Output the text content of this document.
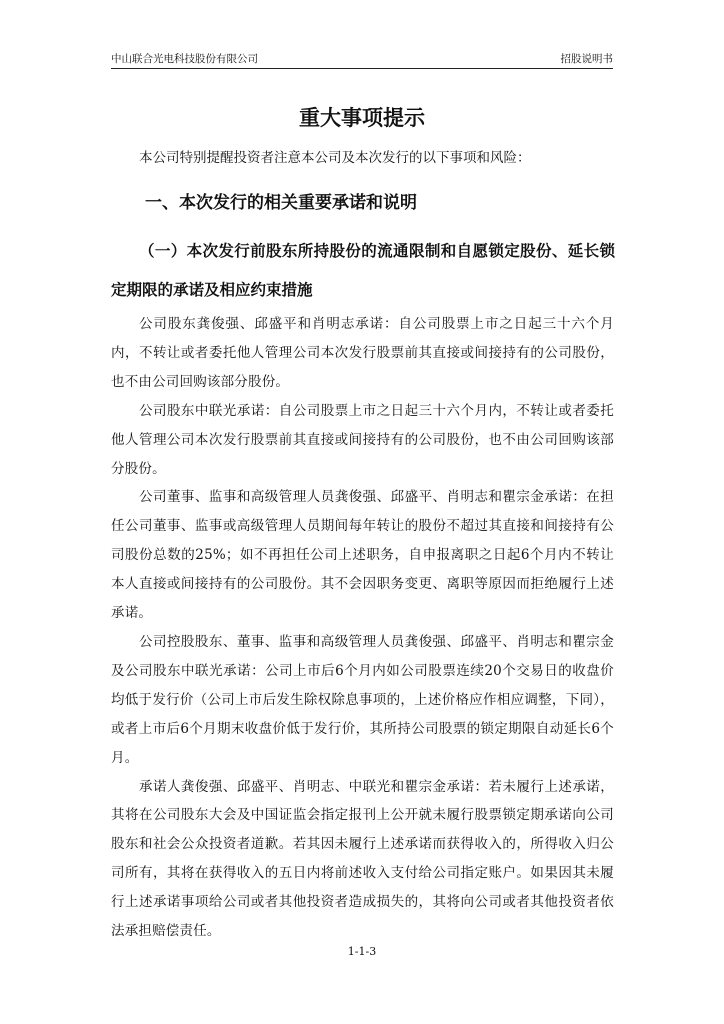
中山联合光电科技股份有限公司	招股说明书
重大事项提示
本公司特别提醒投资者注意本公司及本次发行的以下事项和风险：
一、本次发行的相关重要承诺和说明
（一）本次发行前股东所持股份的流通限制和自愿锁定股份、延长锁定期限的承诺及相应约束措施

公司股东龚俊强、邱盛平和肖明志承诺：自公司股票上市之日起三十六个月内，不转让或者委托他人管理公司本次发行股票前其直接或间接持有的公司股份，也不由公司回购该部分股份。

公司股东中联光承诺：自公司股票上市之日起三十六个月内，不转让或者委托他人管理公司本次发行股票前其直接或间接持有的公司股份，也不由公司回购该部分股份。

公司董事、监事和高级管理人员龚俊强、邱盛平、肖明志和瞿宗金承诺：在担任公司董事、监事或高级管理人员期间每年转让的股份不超过其直接和间接持有公司股份总数的25%；如不再担任公司上述职务，自申报离职之日起6个月内不转让本人直接或间接持有的公司股份。其不会因职务变更、离职等原因而拒绝履行上述承诺。

公司控股股东、董事、监事和高级管理人员龚俊强、邱盛平、肖明志和瞿宗金及公司股东中联光承诺：公司上市后6个月内如公司股票连续20个交易日的收盘价均低于发行价（公司上市后发生除权除息事项的，上述价格应作相应调整，下同），或者上市后6个月期末收盘价低于发行价，其所持公司股票的锁定期限自动延长6个月。

承诺人龚俊强、邱盛平、肖明志、中联光和瞿宗金承诺：若未履行上述承诺，其将在公司股东大会及中国证监会指定报刊上公开就未履行股票锁定期承诺向公司股东和社会公众投资者道歉。若其因未履行上述承诺而获得收入的，所得收入归公司所有，其将在获得收入的五日内将前述收入支付给公司指定账户。如果因其未履行上述承诺事项给公司或者其他投资者造成损失的，其将向公司或者其他投资者依法承担赔偿责任。

1-1-3
